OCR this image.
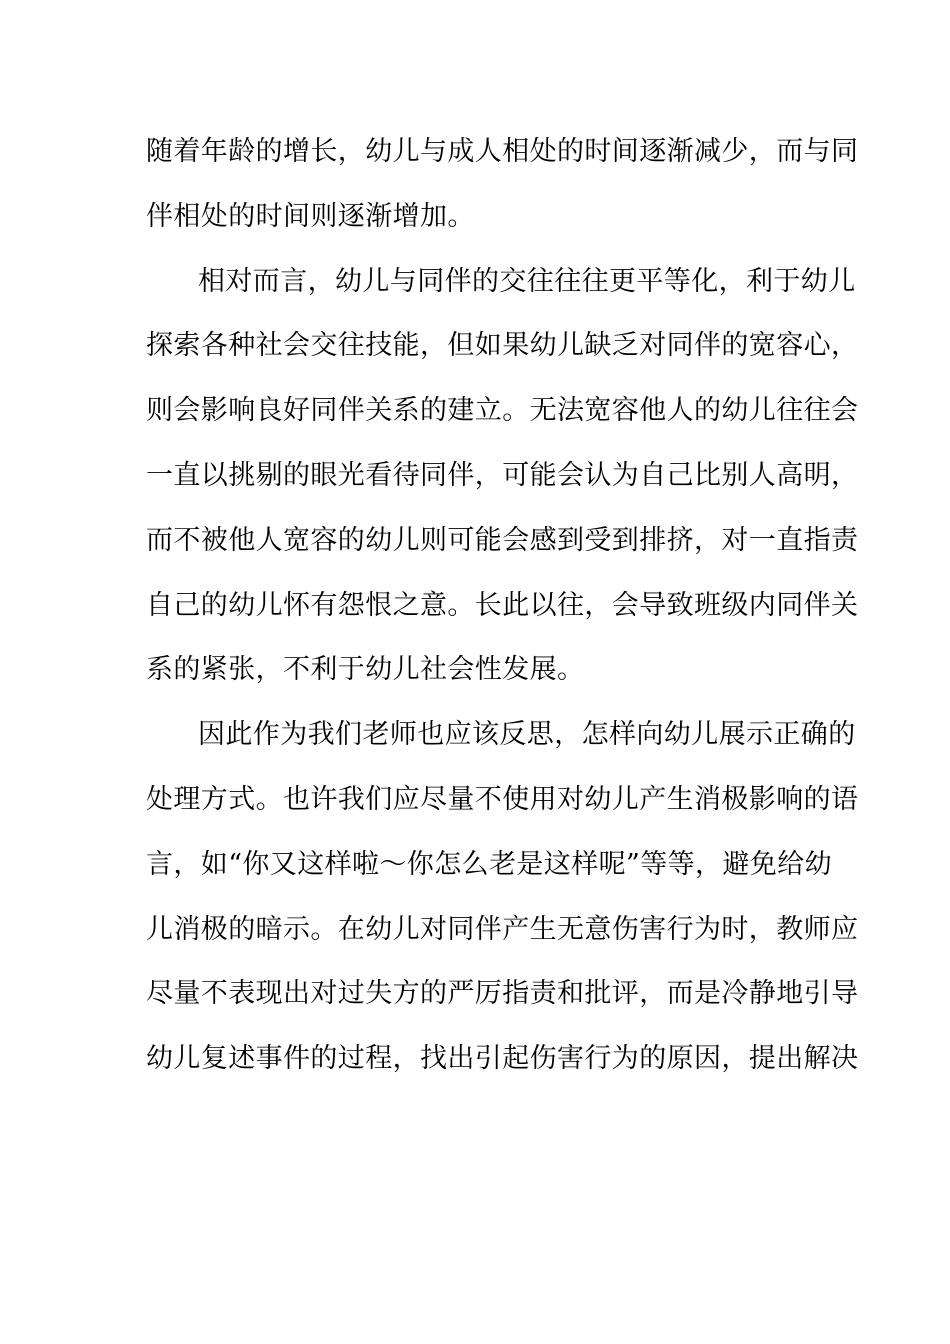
随着年龄的增长，幼儿与成人相处的时间逐渐减少，而与同
伴相处的时间则逐渐增加。
相对而言，幼儿与同伴的交往往往更平等化，利于幼儿
探索各种社会交往技能，但如果幼儿缺乏对同伴的宽容心，
则会影响良好同伴关系的建立。无法宽容他人的幼儿往往会
一直以挑剔的眼光看待同伴，可能会认为自己比别人高明，
而不被他人宽容的幼儿则可能会感到受到排挤，对一直指责
自己的幼儿怀有怨恨之意。长此以往，会导致班级内同伴关
系的紧张，不利于幼儿社会性发展。
因此作为我们老师也应该反思，怎样向幼儿展示正确的
处理方式。也许我们应尽量不使用对幼儿产生消极影响的语
言，如“你又这样啦～你怎么老是这样呢”等等，避免给幼
儿消极的暗示。在幼儿对同伴产生无意伤害行为时，教师应
尽量不表现出对过失方的严厉指责和批评，而是冷静地引导
幼儿复述事件的过程，找出引起伤害行为的原因，提出解决
